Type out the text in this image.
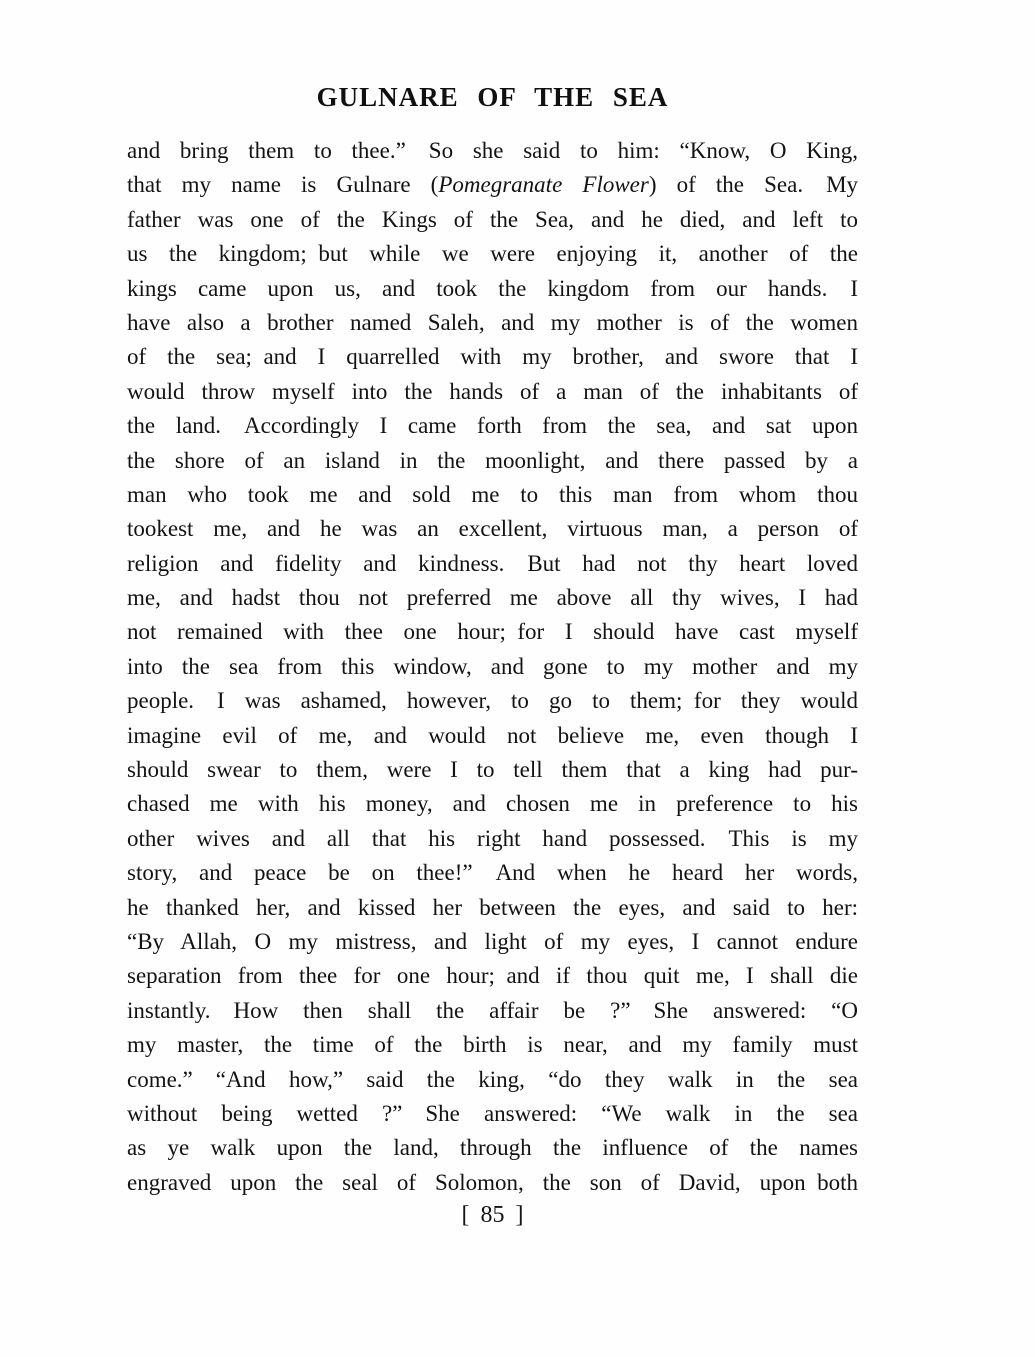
GULNARE OF THE SEA
and bring them to thee.” So she said to him: “Know, O King,
that my name is Gulnare (Pomegranate Flower) of the Sea. My
father was one of the Kings of the Sea, and he died, and left to
us the kingdom; but while we were enjoying it, another of the
kings came upon us, and took the kingdom from our hands. I
have also a brother named Saleh, and my mother is of the women
of the sea; and I quarrelled with my brother, and swore that I
would throw myself into the hands of a man of the inhabitants of
the land. Accordingly I came forth from the sea, and sat upon
the shore of an island in the moonlight, and there passed by a
man who took me and sold me to this man from whom thou
tookest me, and he was an excellent, virtuous man, a person of
religion and fidelity and kindness. But had not thy heart loved
me, and hadst thou not preferred me above all thy wives, I had
not remained with thee one hour; for I should have cast myself
into the sea from this window, and gone to my mother and my
people. I was ashamed, however, to go to them; for they would
imagine evil of me, and would not believe me, even though I
should swear to them, were I to tell them that a king had pur-
chased me with his money, and chosen me in preference to his
other wives and all that his right hand possessed. This is my
story, and peace be on thee!” And when he heard her words,
he thanked her, and kissed her between the eyes, and said to her:
“By Allah, O my mistress, and light of my eyes, I cannot endure
separation from thee for one hour; and if thou quit me, I shall die
instantly. How then shall the affair be ?” She answered: “O
my master, the time of the birth is near, and my family must
come.” “And how,” said the king, “do they walk in the sea
without being wetted ?” She answered: “We walk in the sea
as ye walk upon the land, through the influence of the names
engraved upon the seal of Solomon, the son of David, upon both
[ 85 ]
